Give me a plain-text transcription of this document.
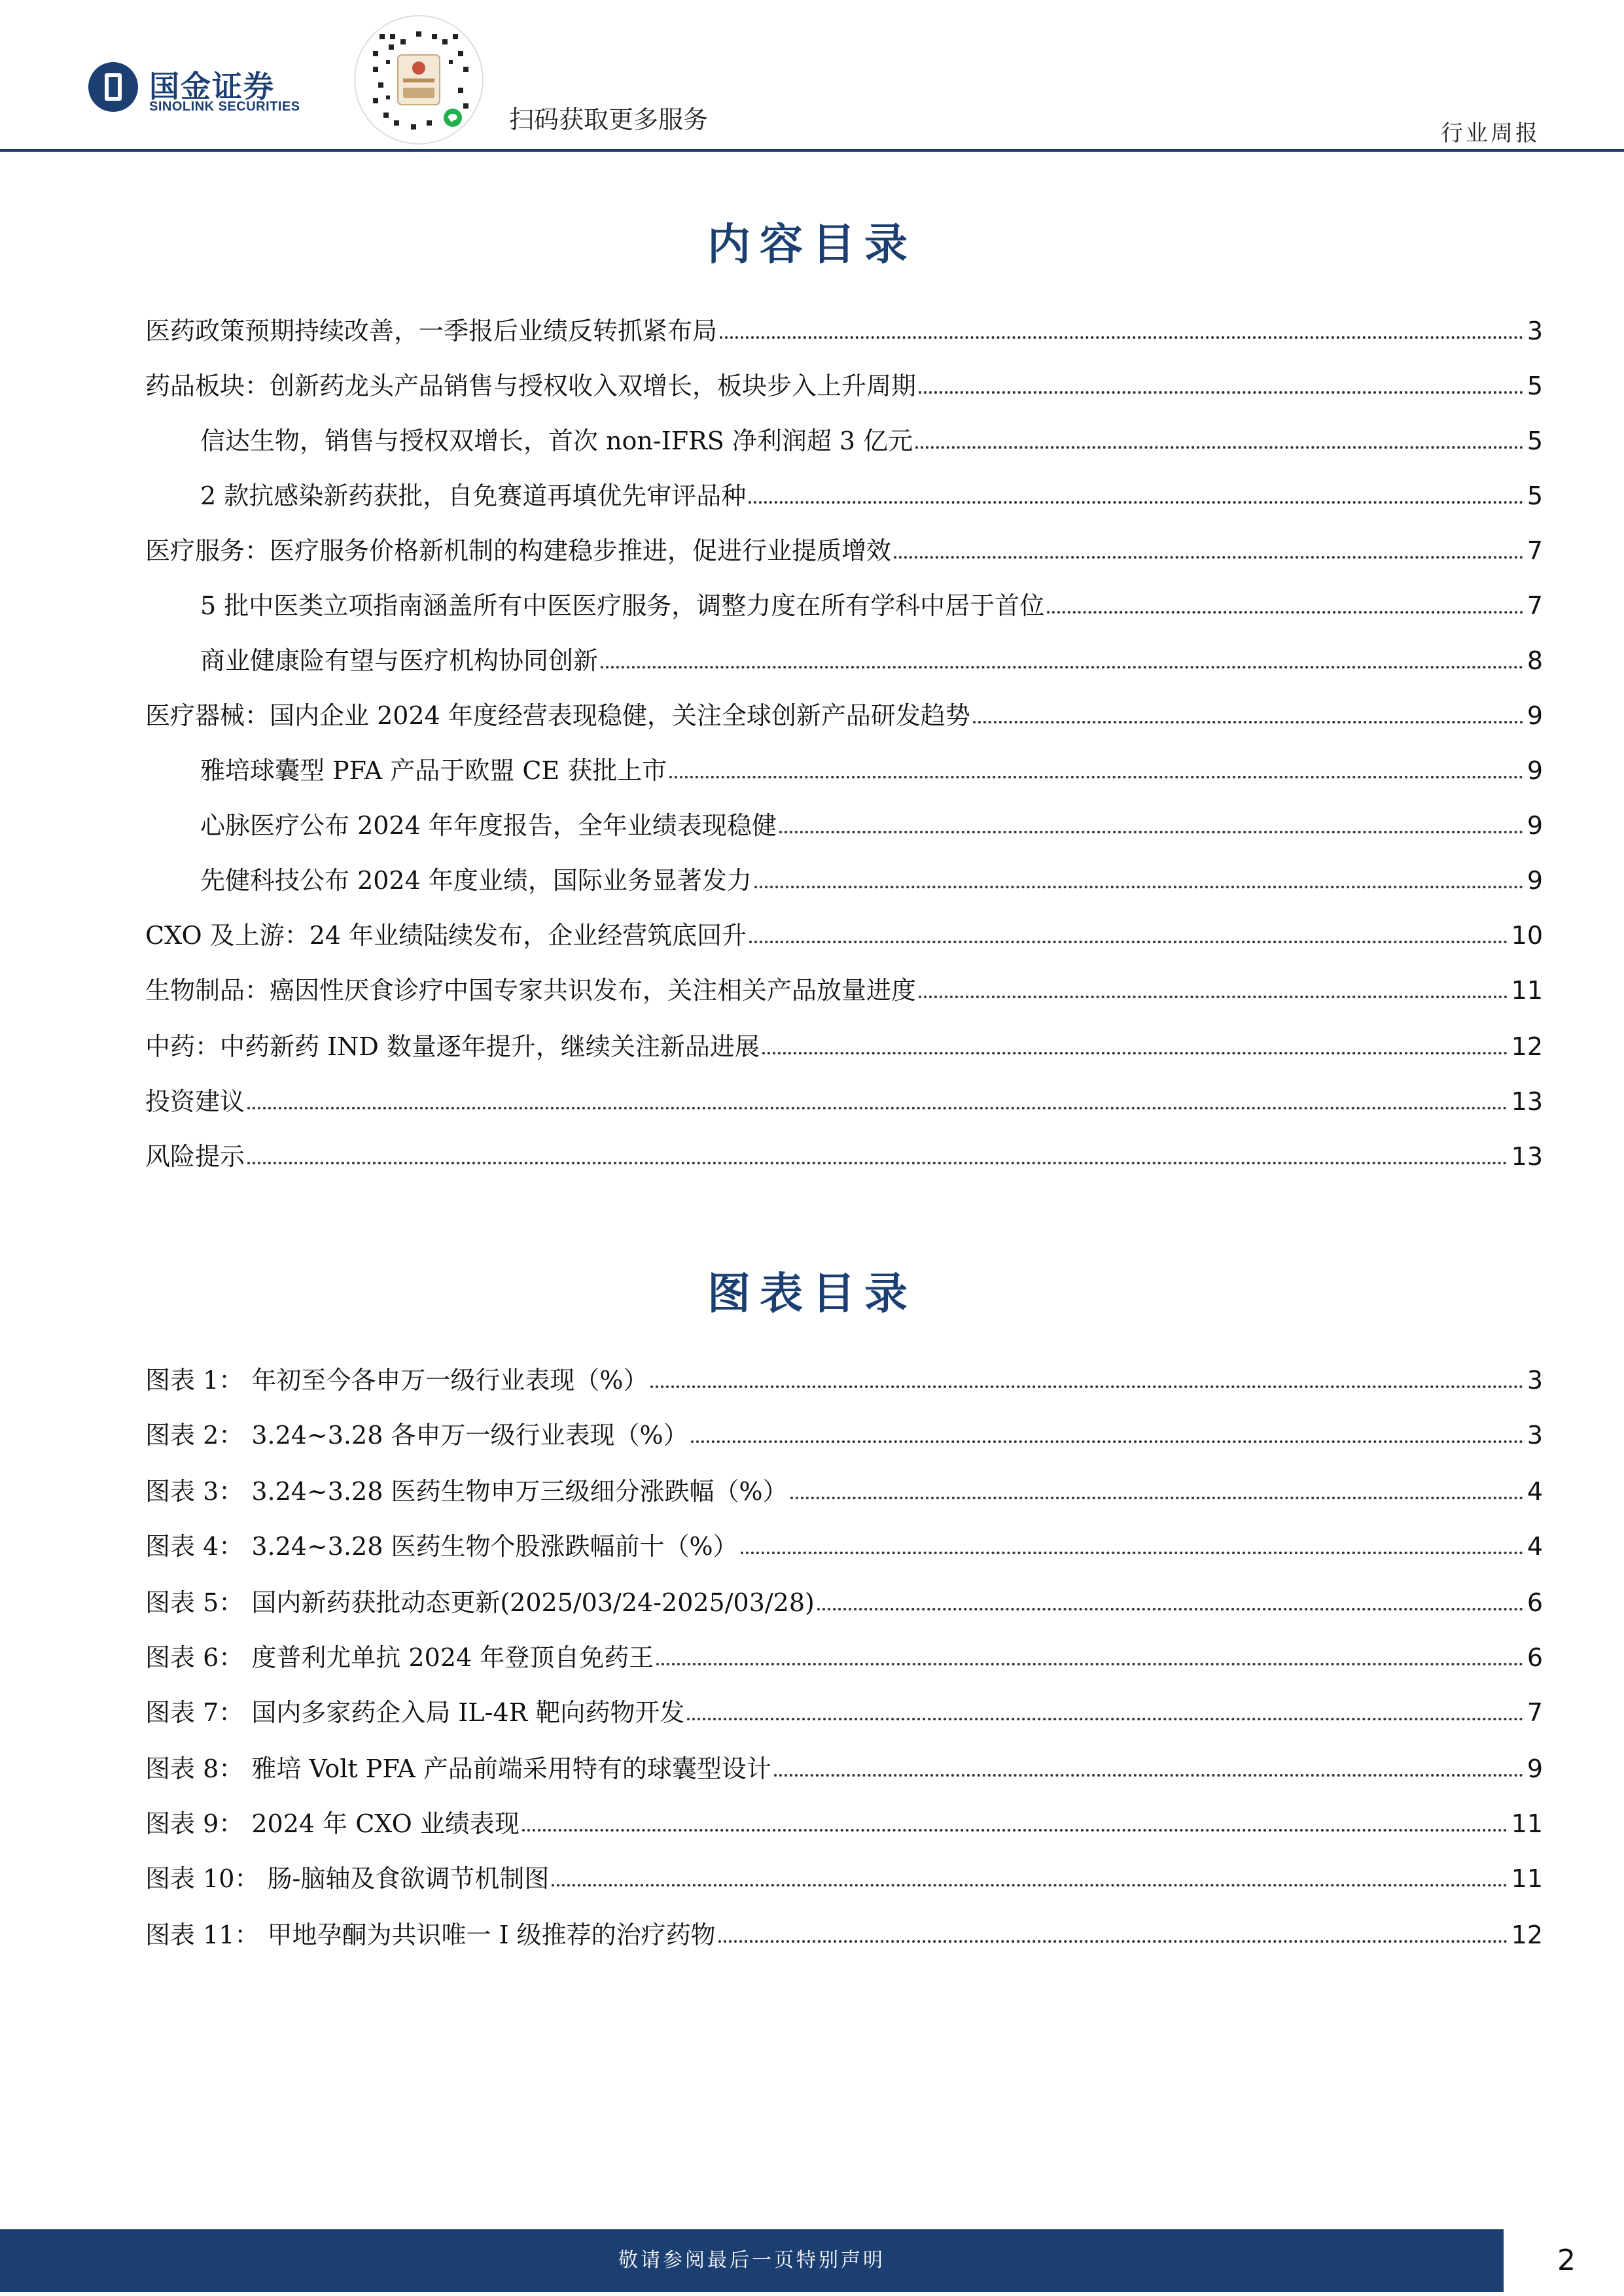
国金证券
SINOLINK SECURITIES	扫码获取更多服务	行业周报
内容目录
医药政策预期持续改善，一季报后业绩反转抓紧布局	3
药品板块：创新药龙头产品销售与授权收入双增长，板块步入上升周期	5
信达生物，销售与授权双增长，首次 non-IFRS 净利润超 3 亿元	5
2 款抗感染新药获批，自免赛道再填优先审评品种	5
医疗服务：医疗服务价格新机制的构建稳步推进，促进行业提质增效	7
5 批中医类立项指南涵盖所有中医医疗服务，调整力度在所有学科中居于首位	7
商业健康险有望与医疗机构协同创新	8
医疗器械：国内企业 2024 年度经营表现稳健，关注全球创新产品研发趋势	9
雅培球囊型 PFA 产品于欧盟 CE 获批上市	9
心脉医疗公布 2024 年年度报告，全年业绩表现稳健	9
先健科技公布 2024 年度业绩，国际业务显著发力	9
CXO 及上游：24 年业绩陆续发布，企业经营筑底回升	10
生物制品：癌因性厌食诊疗中国专家共识发布，关注相关产品放量进度	11
中药：中药新药 IND 数量逐年提升，继续关注新品进展	12
投资建议	13
风险提示	13
图表目录
图表 1： 年初至今各申万一级行业表现（%）	3
图表 2： 3.24~3.28 各申万一级行业表现（%）	3
图表 3： 3.24~3.28 医药生物申万三级细分涨跌幅（%）	4
图表 4： 3.24~3.28 医药生物个股涨跌幅前十（%）	4
图表 5： 国内新药获批动态更新(2025/03/24-2025/03/28)	6
图表 6： 度普利尤单抗 2024 年登顶自免药王	6
图表 7： 国内多家药企入局 IL-4R 靶向药物开发	7
图表 8： 雅培 Volt PFA 产品前端采用特有的球囊型设计	9
图表 9： 2024 年 CXO 业绩表现	11
图表 10： 肠-脑轴及食欲调节机制图	11
图表 11： 甲地孕酮为共识唯一 I 级推荐的治疗药物	12
敬请参阅最后一页特别声明	2
